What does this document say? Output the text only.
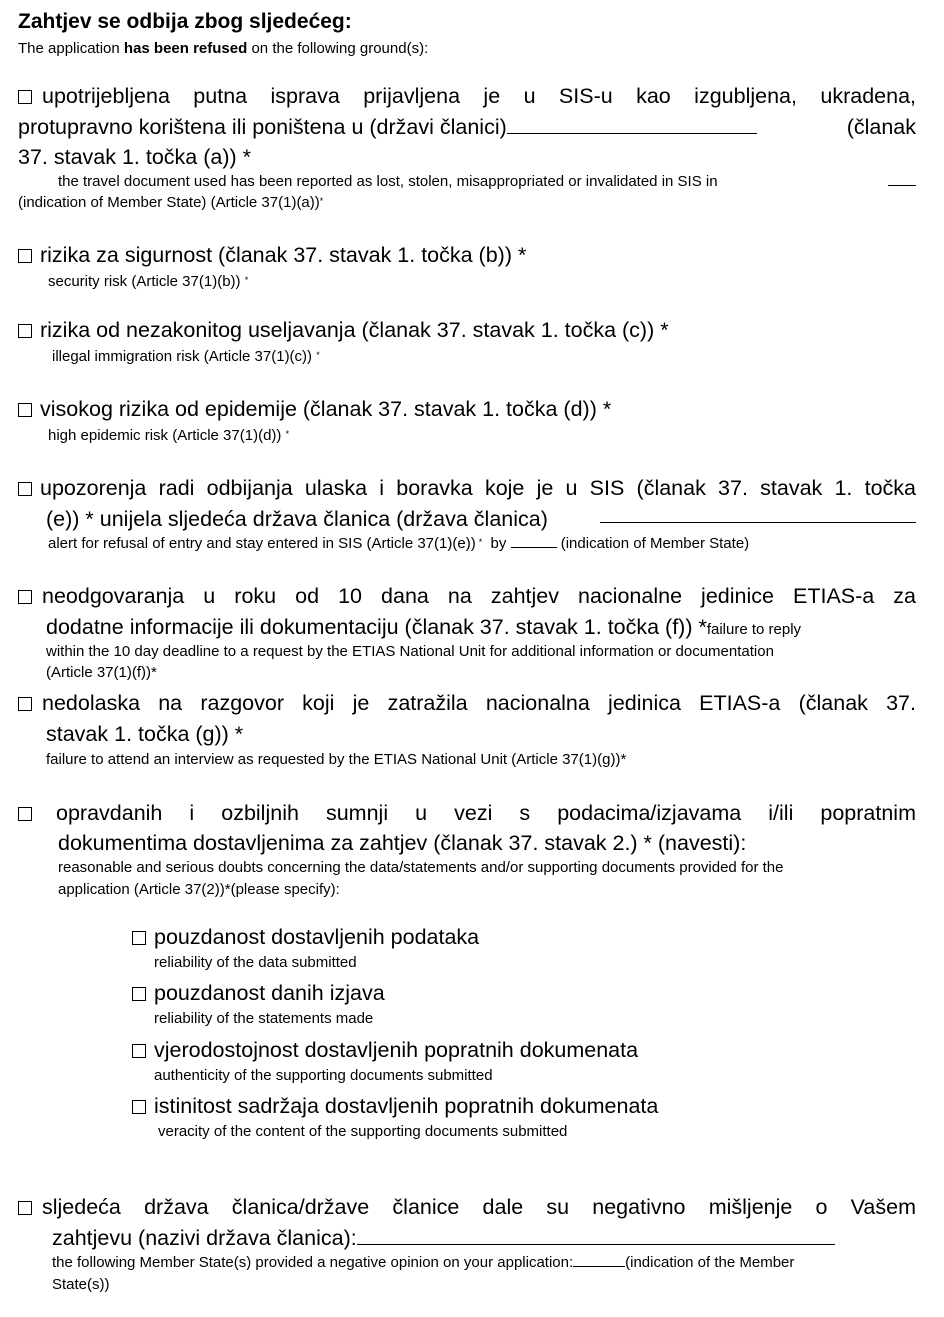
Zahtjev se odbija zbog sljedećeg:
The application has been refused on the following ground(s):
upotrijebljena putna isprava prijavljena je u SIS-u kao izgubljena, ukradena,
protupravno korištena ili poništena u (državi članici)	(članak
37. stavak 1. točka (a)) *
the travel document used has been reported as lost, stolen, misappropriated or invalidated in SIS in
(indication of Member State) (Article 37(1)(a))*
rizika za sigurnost (članak 37. stavak 1. točka (b)) *
security risk (Article 37(1)(b)) *
rizika od nezakonitog useljavanja (članak 37. stavak 1. točka (c)) *
illegal immigration risk (Article 37(1)(c)) *
visokog rizika od epidemije (članak 37. stavak 1. točka (d)) *
high epidemic risk (Article 37(1)(d)) *
upozorenja radi odbijanja ulaska i boravka koje je u SIS (članak 37. stavak 1. točka
(e)) * unijela sljedeća država članica (država članica)
alert for refusal of entry and stay entered in SIS (Article 37(1)(e)) * by	(indication of Member State)
neodgovaranja u roku od 10 dana na zahtjev nacionalne jedinice ETIAS-a za
dodatne informacije ili dokumentaciju (članak 37. stavak 1. točka (f)) *failure to reply
within the 10 day deadline to a request by the ETIAS National Unit for additional information or documentation
(Article 37(1)(f))*
nedolaska na razgovor koji je zatražila nacionalna jedinica ETIAS-a (članak 37.
stavak 1. točka (g)) *
failure to attend an interview as requested by the ETIAS National Unit (Article 37(1)(g))*
opravdanih i ozbiljnih sumnji u vezi s podacima/izjavama i/ili popratnim
dokumentima dostavljenima za zahtjev (članak 37. stavak 2.) * (navesti):
reasonable and serious doubts concerning the data/statements and/or supporting documents provided for the
application (Article 37(2))*(please specify):
pouzdanost dostavljenih podataka
reliability of the data submitted
pouzdanost danih izjava
reliability of the statements made
vjerodostojnost dostavljenih popratnih dokumenata
authenticity of the supporting documents submitted
istinitost sadržaja dostavljenih popratnih dokumenata
veracity of the content of the supporting documents submitted
sljedeća država članica/države članice dale su negativno mišljenje o Vašem
zahtjevu (nazivi država članica):
the following Member State(s) provided a negative opinion on your application:	(indication of the Member
State(s))
